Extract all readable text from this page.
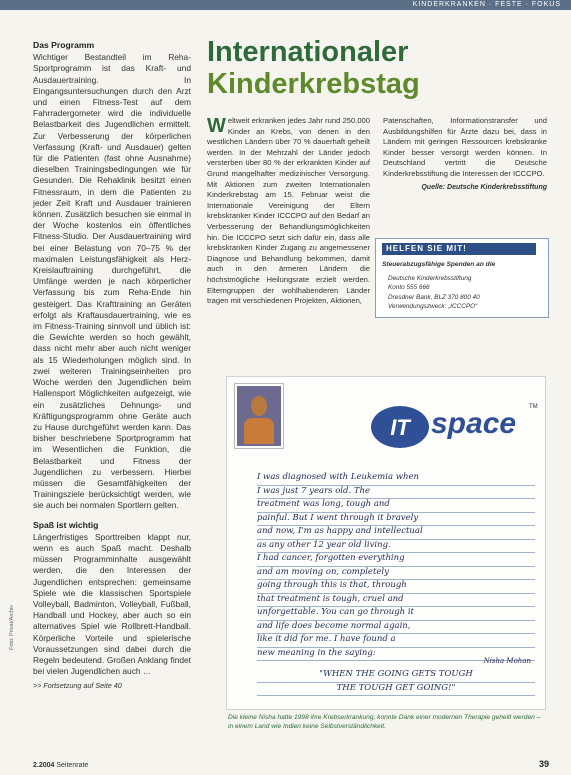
KINDERKRANKEN · FESTE · FOKUS
Das Programm

Wichtiger Bestandteil im Reha-Sportprogramm ist das Kraft- und Ausdauertraining. In Eingangsuntersuchungen durch den Arzt und einen Fitness-Test auf dem Fahrradergometer wird die individuelle Belastbarkeit des Jugendlichen ermittelt. Zur Verbesserung der körperlichen Verfassung (Kraft- und Ausdauer) gelten für die Patienten (fast ohne Ausnahme) dieselben Trainingsbedingungen wie für Gesunden. Die Rehaklinik besitzt einen Fitnessraum, in dem die Patienten zu jeder Zeit Kraft und Ausdauer trainieren können. Zusätzlich besuchen sie einmal in der Woche kostenlos ein öffentliches Fitness-Studio. Der Ausdauertraining wird bei einer Belastung von 70–75 % der maximalen Leistungsfähigkeit als Herz-Kreislauftraining durchgeführt, die Umfänge werden je nach körperlicher Verfassung bis zum Reha-Ende hin gesteigert. Das Krafttraining an Geräten erfolgt als Kraftausdauertraining, wie es im Fitness-Training sinnvoll und üblich ist: die Gewichte werden so hoch gewählt, dass nicht mehr aber auch nicht weniger als 15 Wiederholungen möglich sind. In zwei weiteren Trainingseinheiten pro Woche werden den Jugendlichen beim Hallensport Möglichkeiten aufgezeigt, wie ein zusätzliches Dehnungs- und Kräftigungsprogramm ohne Geräte auch zu Hause durchgeführt werden kann. Das bisher beschriebene Sportprogramm hat im Wesentlichen die Funktion, die Belastbarkeit und Fitness der Jugendlichen zu verbessern. Hierbei müssen die Gesamtfähigkeiten der Trainingsziele berücksichtigt werden, wie sie auch bei normalen Sportlern gelten.

Spaß ist wichtig

Längerfristiges Sporttreiben klappt nur, wenn es auch Spaß macht. Deshalb müssen Programminhalte ausgewählt werden, die den Interessen der Jugendlichen entsprechen: gemeinsame Spiele wie die klassischen Sportspiele Volleyball, Badminton, Volleyball, Fußball, Handball und Hockey, aber auch so ein alternatives Spiel wie Rollbrett-Handball. Körperliche Vorteile und spielerische Voraussetzungen sind dabei durch die Regeln bedeutend. Großen Anklang findet bei vielen Jugendlichen auch …

>> Fortsetzung auf Seite 40
Foto: Privat/Archiv
Internationaler
Kinderkrebstag
Weltweit erkranken jedes Jahr rund 250.000 Kinder an Krebs, von denen in den westlichen Ländern über 70 % dauerhaft geheilt werden. In der Mehrzahl der Länder jedoch versterben über 80 % der erkrankten Kinder auf Grund mangelhafter medizinischer Versorgung. Mit Aktionen zum zweiten Internationalen Kinderkrebstag am 15. Februar weist die Internationale Vereinigung der Eltern krebskranker Kinder ICCCPO auf den Bedarf an Verbesserung der Behandlungsmöglichkeiten hin. Die ICCCPO setzt sich dafür ein, dass alle krebskranken Kinder Zugang zu angemessener Diagnose und Behandlung bekommen, damit auch in den ärmeren Ländern die höchstmögliche Heilungsrate erzielt werden. Elterngruppen der wohlhabenderen Länder tragen mit verschiedenen Projekten, Aktionen,
Patenschaften, Informationstransfer und Ausbildungshilfen für Ärzte dazu bei, dass in Ländern mit geringen Ressourcen krebskranke Kinder besser versorgt werden können. In Deutschland vertritt die Deutsche Kinderkrebsstiftung die Interessen der ICCCPO.
Quelle: Deutsche Kinderkrebsstiftung
HELFEN SIE MIT!
Steuerabzugsfähige Spenden an die
Deutsche Kinderkrebsstiftung
Konto 555 666
Dresdner Bank, BLZ 370 800 40
Verwendungszweck: „ICCCPO“
IT space TM
I was diagnosed with Leukemia when
I was just 7 years old. The
treatment was long, tough and
painful. But I went through it bravely
and now, I'm as happy and intellectual
as any other 12 year old living.
I had cancer, forgotten everything
and am moving on, completely
going through this is that, through
that treatment is tough, cruel and
unforgettable. You can go through it
and life does become normal again,
like it did for me. I have found a
new meaning in the saying:
"WHEN THE GOING GETS TOUGH
THE TOUGH GET GOING!"
Nisha Mohan
Die kleine Nisha hatte 1998 ihre Krebserkrankung, konnte Dank einer modernen Therapie geheilt werden – in einem Land wie Indien keine Selbstverständlichkeit.
2.2004 Seitenrate	39
